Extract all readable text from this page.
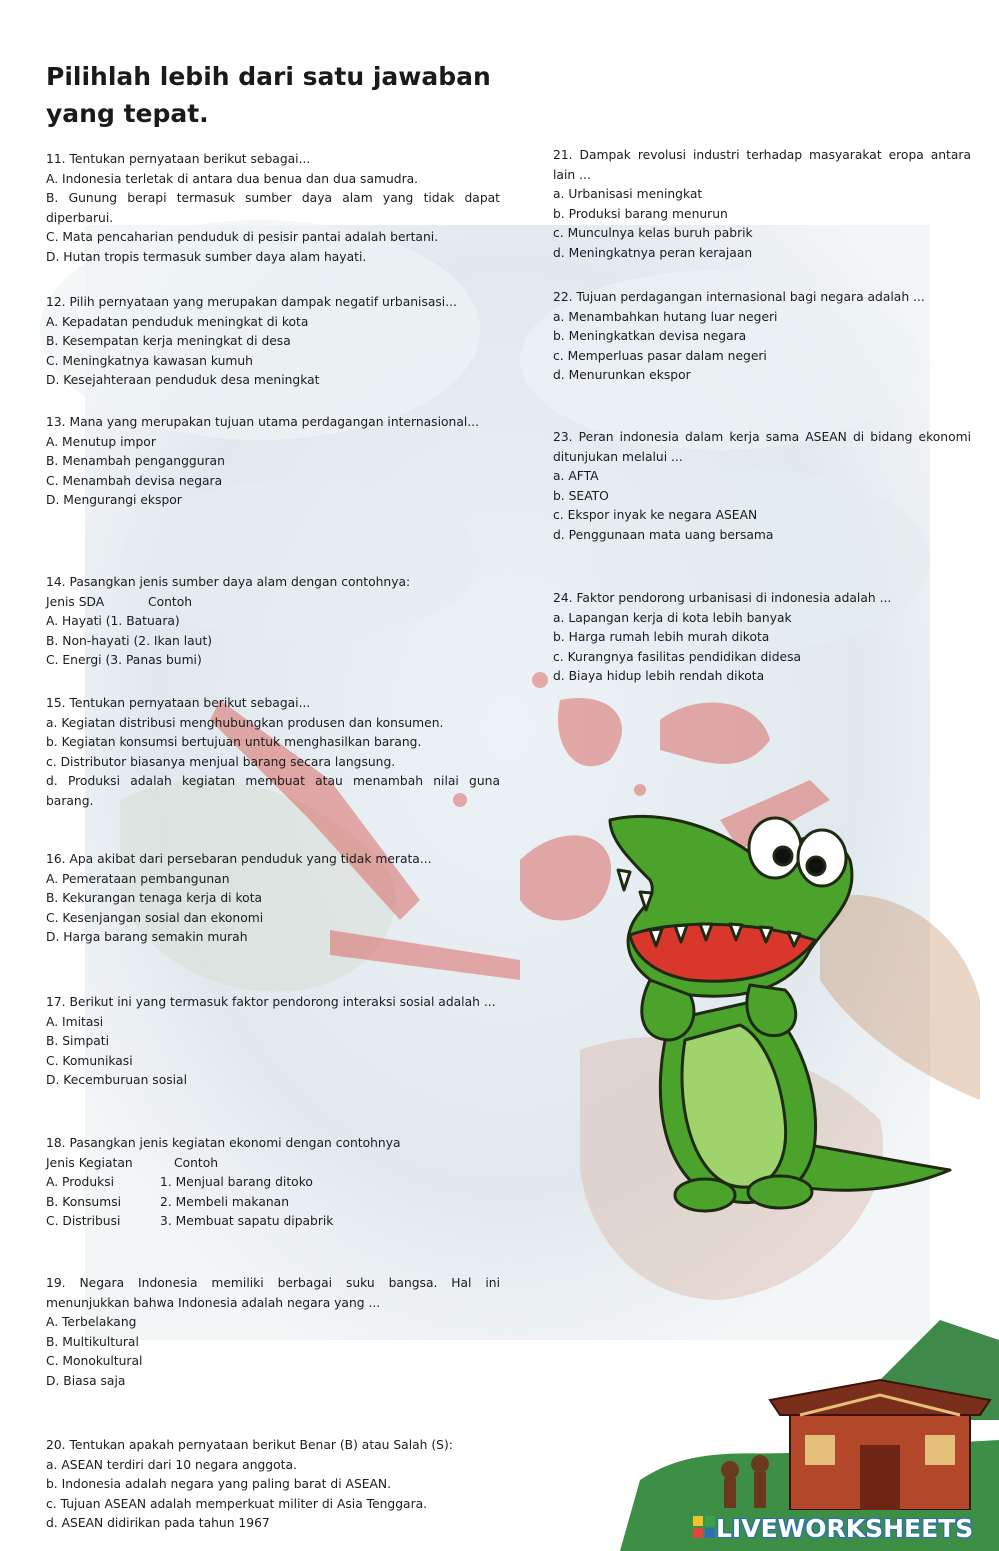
Pilihlah lebih dari satu jawaban yang tepat.

11. Tentukan pernyataan berikut sebagai...

A. Indonesia terletak di antara dua benua dan dua samudra.

B. Gunung berapi termasuk sumber daya alam yang tidak dapat diperbarui.

C. Mata pencaharian penduduk di pesisir pantai adalah bertani.

D. Hutan tropis termasuk sumber daya alam hayati.

12. Pilih pernyataan yang merupakan dampak negatif urbanisasi...

A. Kepadatan penduduk meningkat di kota

B. Kesempatan kerja meningkat di desa

C. Meningkatnya kawasan kumuh

D. Kesejahteraan penduduk desa meningkat

13. Mana yang merupakan tujuan utama perdagangan internasional...

A. Menutup impor

B. Menambah pengangguran

C. Menambah devisa negara

D. Mengurangi ekspor

14. Pasangkan jenis sumber daya alam dengan contohnya:

Jenis SDA	Contoh

A. Hayati (1. Batuara)

B. Non-hayati (2. Ikan laut)

C. Energi (3. Panas bumi)

15. Tentukan pernyataan berikut sebagai...

a. Kegiatan distribusi menghubungkan produsen dan konsumen.

b. Kegiatan konsumsi bertujuan untuk menghasilkan barang.

c. Distributor biasanya menjual barang secara langsung.

d. Produksi adalah kegiatan membuat atau menambah nilai guna barang.

16. Apa akibat dari persebaran penduduk yang tidak merata...

A. Pemerataan pembangunan

B. Kekurangan tenaga kerja di kota

C. Kesenjangan sosial dan ekonomi

D. Harga barang semakin murah

17. Berikut ini yang termasuk faktor pendorong interaksi sosial adalah ...

A. Imitasi

B. Simpati

C. Komunikasi

D. Kecemburuan sosial

18. Pasangkan jenis kegiatan ekonomi dengan contohnya

Jenis Kegiatan	Contoh

A. Produksi	1. Menjual barang ditoko

B. Konsumsi	2. Membeli makanan

C. Distribusi	3. Membuat sapatu dipabrik

19. Negara Indonesia memiliki berbagai suku bangsa. Hal ini menunjukkan bahwa Indonesia adalah negara yang ...

A. Terbelakang

B. Multikultural

C. Monokultural

D. Biasa saja

20. Tentukan apakah pernyataan berikut Benar (B) atau Salah (S):

a. ASEAN terdiri dari 10 negara anggota.

b. Indonesia adalah negara yang paling barat di ASEAN.

c. Tujuan ASEAN adalah memperkuat militer di Asia Tenggara.

d. ASEAN didirikan pada tahun 1967

21. Dampak revolusi industri terhadap masyarakat eropa antara lain ...

a. Urbanisasi meningkat

b. Produksi barang menurun

c. Munculnya kelas buruh pabrik

d. Meningkatnya peran kerajaan

22. Tujuan perdagangan internasional bagi negara adalah ...

a. Menambahkan hutang luar negeri

b. Meningkatkan devisa negara

c. Memperluas pasar dalam negeri

d. Menurunkan ekspor

23. Peran indonesia dalam kerja sama ASEAN di bidang ekonomi ditunjukan melalui ...

a. AFTA

b. SEATO

c. Ekspor inyak ke negara ASEAN

d. Penggunaan mata uang bersama

24. Faktor pendorong urbanisasi di indonesia adalah ...

a. Lapangan kerja di kota lebih banyak

b. Harga rumah lebih murah dikota

c. Kurangnya fasilitas pendidikan didesa

d. Biaya hidup lebih rendah dikota

LIVEWORKSHEETS
